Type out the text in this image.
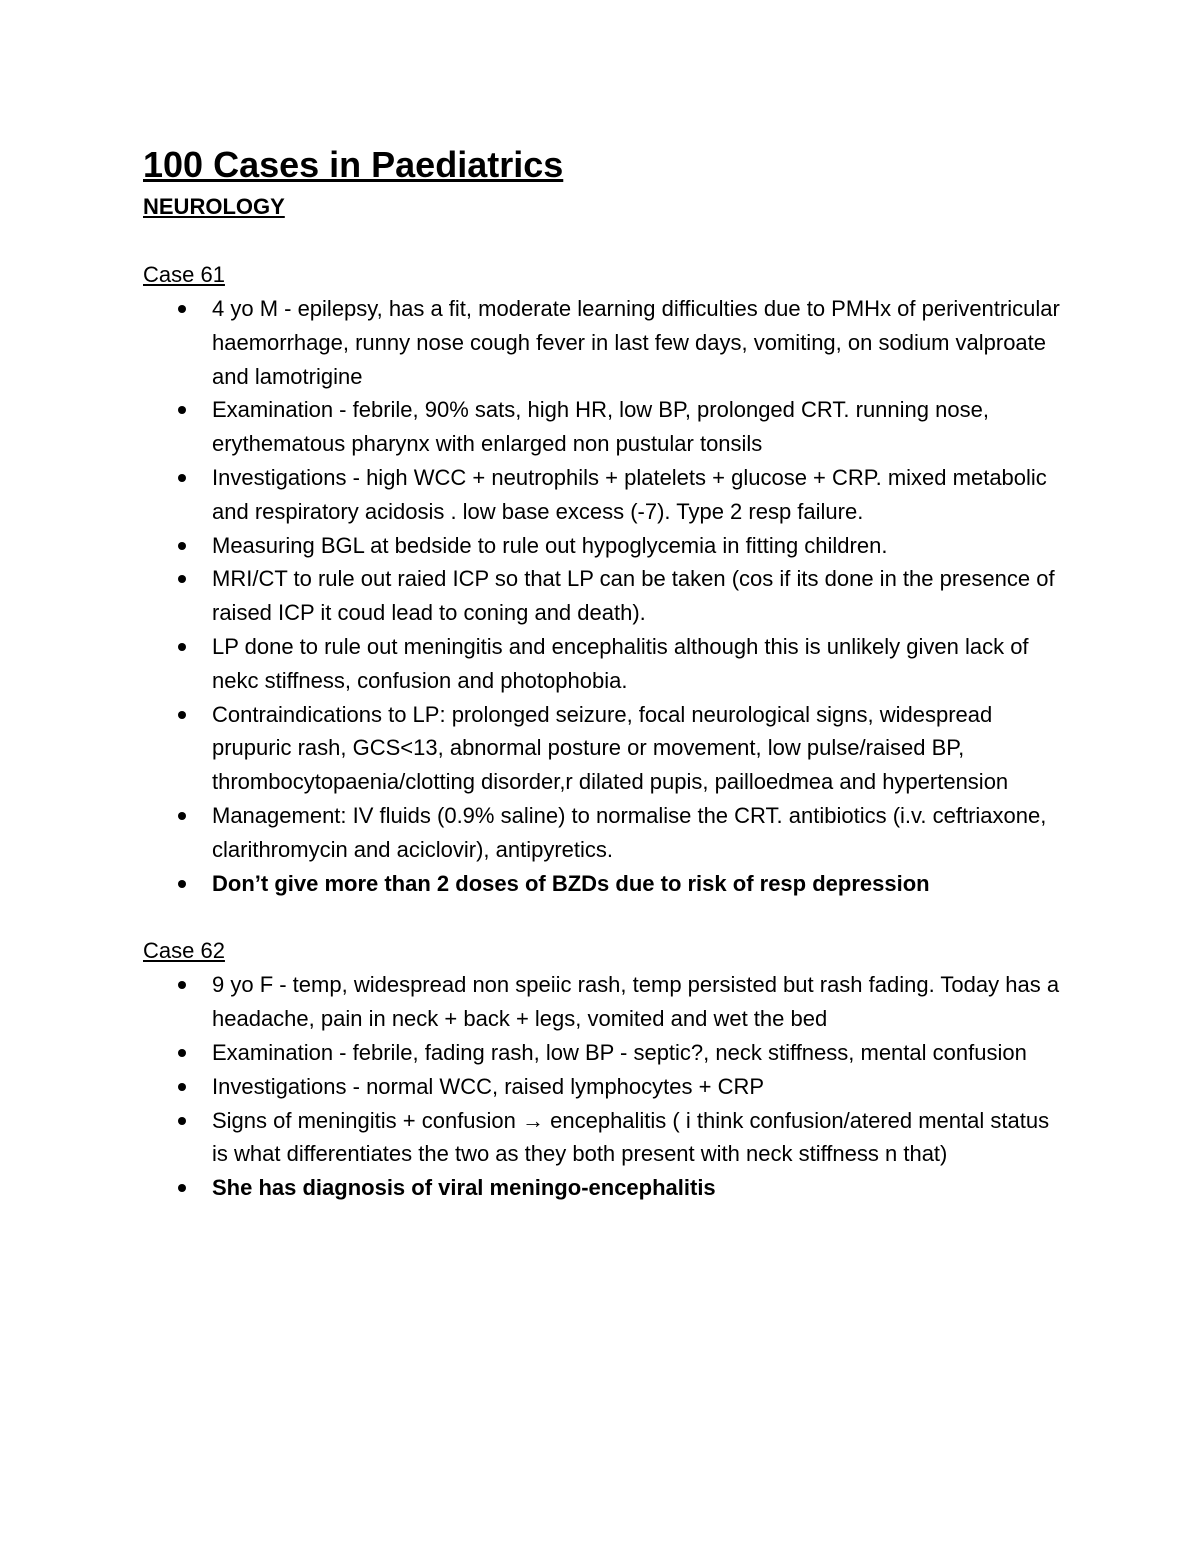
100 Cases in Paediatrics
NEUROLOGY
Case 61
4 yo M - epilepsy, has a fit, moderate learning difficulties due to PMHx of periventricular haemorrhage, runny nose cough fever in last few days, vomiting, on sodium valproate and lamotrigine
Examination - febrile, 90% sats, high HR, low BP, prolonged CRT. running nose, erythematous pharynx with enlarged non pustular tonsils
Investigations - high WCC + neutrophils + platelets + glucose + CRP. mixed metabolic and respiratory acidosis . low base excess (-7). Type 2 resp failure.
Measuring BGL at bedside to rule out hypoglycemia in fitting children.
MRI/CT to rule out raied ICP so that LP can be taken (cos if its done in the presence of raised ICP it coud lead to coning and death).
LP done to rule out meningitis and encephalitis although this is unlikely given lack of nekc stiffness, confusion and photophobia.
Contraindications to LP: prolonged seizure, focal neurological signs, widespread prupuric rash, GCS<13, abnormal posture or movement, low pulse/raised BP, thrombocytopaenia/clotting disorder,r dilated pupis, pailloedmea and hypertension
Management: IV fluids (0.9% saline) to normalise the CRT. antibiotics (i.v. ceftriaxone, clarithromycin and aciclovir), antipyretics.
Don’t give more than 2 doses of BZDs due to risk of resp depression
Case 62
9 yo F - temp, widespread non speiic rash, temp persisted but rash fading. Today has a headache, pain in neck + back + legs, vomited and wet the bed
Examination - febrile, fading rash, low BP - septic?, neck stiffness, mental confusion
Investigations - normal WCC, raised lymphocytes + CRP
Signs of meningitis + confusion → encephalitis ( i think confusion/atered mental status is what differentiates the two as they both present with neck stiffness n that)
She has diagnosis of viral meningo-encephalitis
